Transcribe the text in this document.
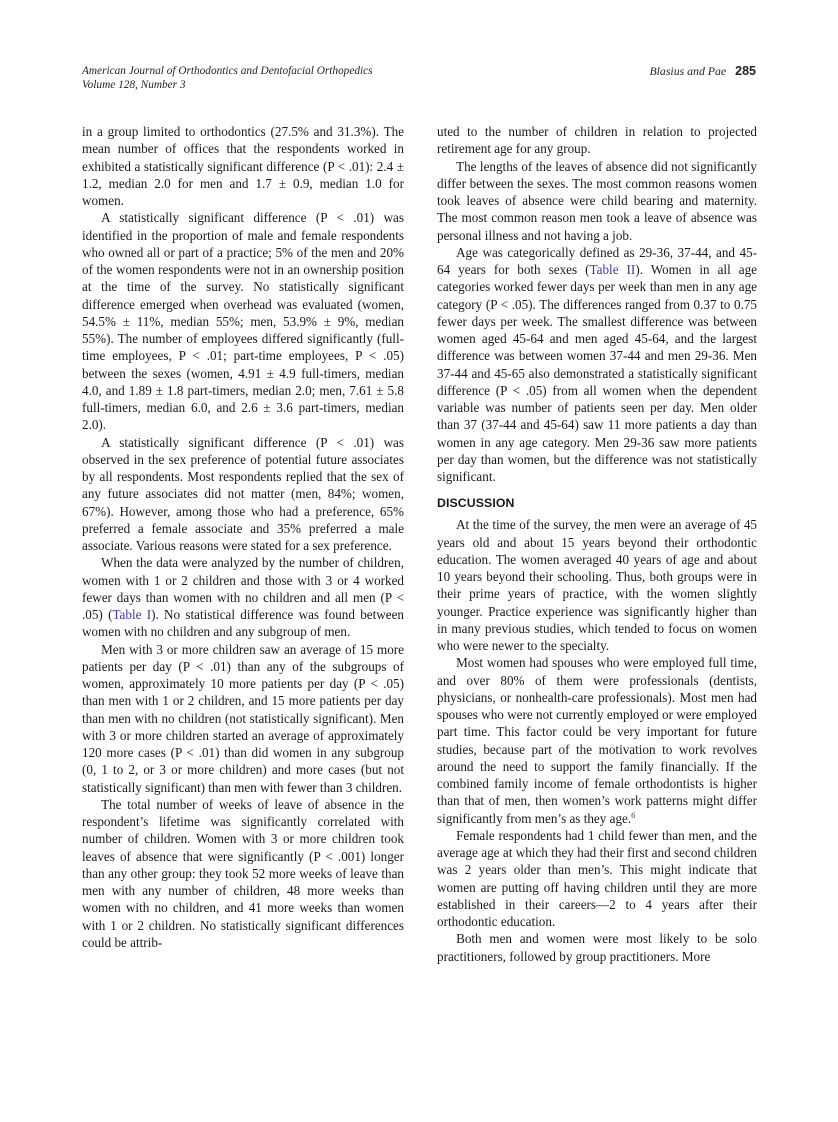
American Journal of Orthodontics and Dentofacial Orthopedics
Volume 128, Number 3
Blasius and Pae 285

in a group limited to orthodontics (27.5% and 31.3%). The mean number of offices that the respondents worked in exhibited a statistically significant difference (P < .01): 2.4 ± 1.2, median 2.0 for men and 1.7 ± 0.9, median 1.0 for women.

A statistically significant difference (P < .01) was identified in the proportion of male and female respondents who owned all or part of a practice; 5% of the men and 20% of the women respondents were not in an ownership position at the time of the survey. No statistically significant difference emerged when overhead was evaluated (women, 54.5% ± 11%, median 55%; men, 53.9% ± 9%, median 55%). The number of employees differed significantly (full-time employees, P < .01; part-time employees, P < .05) between the sexes (women, 4.91 ± 4.9 full-timers, median 4.0, and 1.89 ± 1.8 part-timers, median 2.0; men, 7.61 ± 5.8 full-timers, median 6.0, and 2.6 ± 3.6 part-timers, median 2.0).

A statistically significant difference (P < .01) was observed in the sex preference of potential future associates by all respondents. Most respondents replied that the sex of any future associates did not matter (men, 84%; women, 67%). However, among those who had a preference, 65% preferred a female associate and 35% preferred a male associate. Various reasons were stated for a sex preference.

When the data were analyzed by the number of children, women with 1 or 2 children and those with 3 or 4 worked fewer days than women with no children and all men (P < .05) (Table I). No statistical difference was found between women with no children and any subgroup of men.

Men with 3 or more children saw an average of 15 more patients per day (P < .01) than any of the subgroups of women, approximately 10 more patients per day (P < .05) than men with 1 or 2 children, and 15 more patients per day than men with no children (not statistically significant). Men with 3 or more children started an average of approximately 120 more cases (P < .01) than did women in any subgroup (0, 1 to 2, or 3 or more children) and more cases (but not statistically significant) than men with fewer than 3 children.

The total number of weeks of leave of absence in the respondent’s lifetime was significantly correlated with number of children. Women with 3 or more children took leaves of absence that were significantly (P < .001) longer than any other group: they took 52 more weeks of leave than men with any number of children, 48 more weeks than women with no children, and 41 more weeks than women with 1 or 2 children. No statistically significant differences could be attrib-

uted to the number of children in relation to projected retirement age for any group.

The lengths of the leaves of absence did not significantly differ between the sexes. The most common reasons women took leaves of absence were child bearing and maternity. The most common reason men took a leave of absence was personal illness and not having a job.

Age was categorically defined as 29-36, 37-44, and 45-64 years for both sexes (Table II). Women in all age categories worked fewer days per week than men in any age category (P < .05). The differences ranged from 0.37 to 0.75 fewer days per week. The smallest difference was between women aged 45-64 and men aged 45-64, and the largest difference was between women 37-44 and men 29-36. Men 37-44 and 45-65 also demonstrated a statistically significant difference (P < .05) from all women when the dependent variable was number of patients seen per day. Men older than 37 (37-44 and 45-64) saw 11 more patients a day than women in any age category. Men 29-36 saw more patients per day than women, but the difference was not statistically significant.

DISCUSSION

At the time of the survey, the men were an average of 45 years old and about 15 years beyond their orthodontic education. The women averaged 40 years of age and about 10 years beyond their schooling. Thus, both groups were in their prime years of practice, with the women slightly younger. Practice experience was significantly higher than in many previous studies, which tended to focus on women who were newer to the specialty.

Most women had spouses who were employed full time, and over 80% of them were professionals (dentists, physicians, or nonhealth-care professionals). Most men had spouses who were not currently employed or were employed part time. This factor could be very important for future studies, because part of the motivation to work revolves around the need to support the family financially. If the combined family income of female orthodontists is higher than that of men, then women’s work patterns might differ significantly from men’s as they age.$^6$

Female respondents had 1 child fewer than men, and the average age at which they had their first and second children was 2 years older than men’s. This might indicate that women are putting off having children until they are more established in their careers—2 to 4 years after their orthodontic education.

Both men and women were most likely to be solo practitioners, followed by group practitioners. More
